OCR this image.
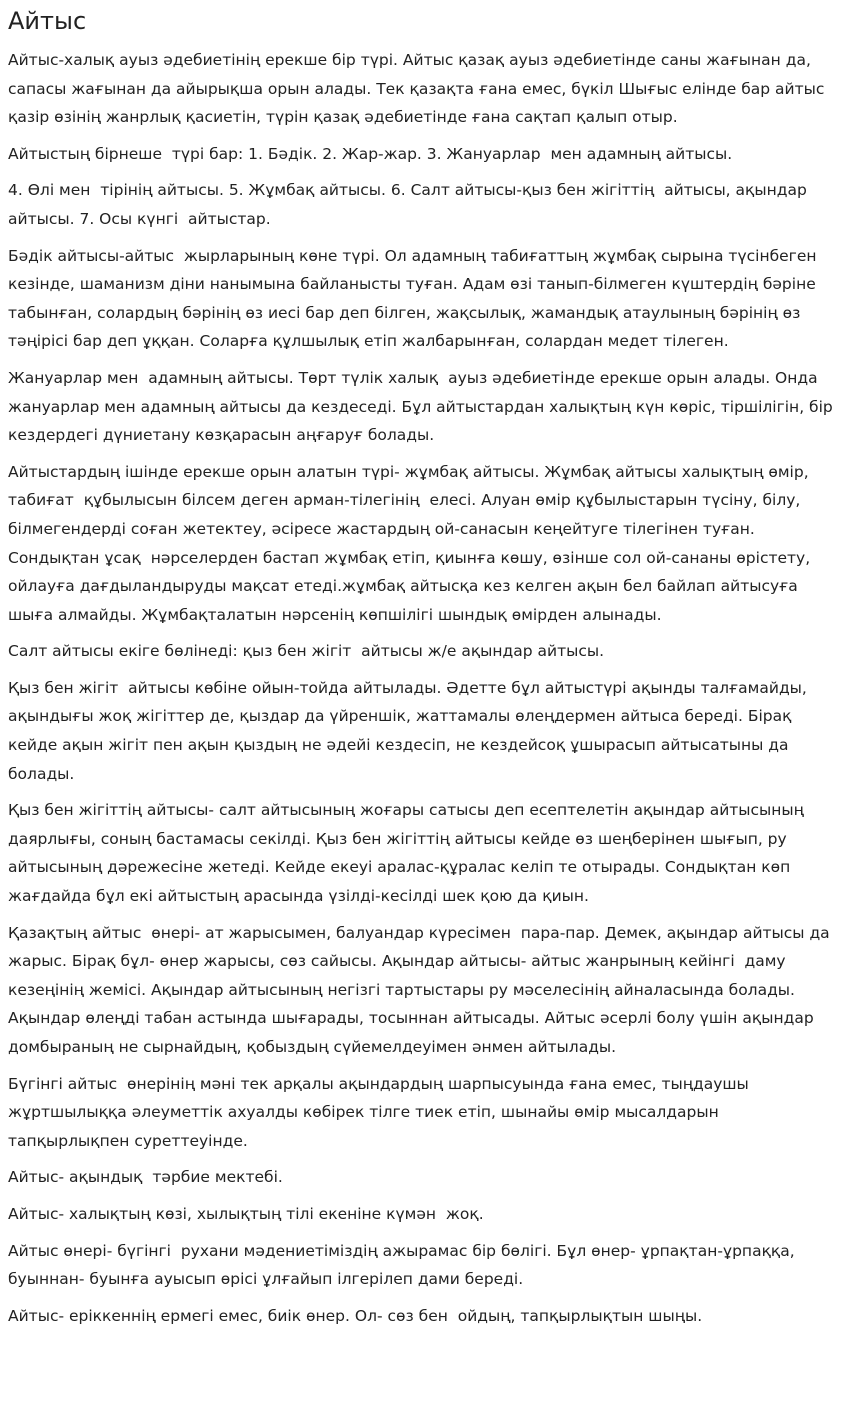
Айтыс

Айтыс-халық ауыз әдебиетінің ерекше бір түрі. Айтыс қазақ ауыз әдебиетінде саны жағынан да, сапасы жағынан да айырықша орын алады. Тек қазақта ғана емес, бүкіл Шығыс елінде бар айтыс қазір өзінің жанрлық қасиетін, түрін қазақ әдебиетінде ғана сақтап қалып отыр.

Айтыстың бірнеше  түрі бар: 1. Бәдік. 2. Жар-жар. 3. Жануарлар  мен адамның айтысы.

4. Өлі мен  тірінің айтысы. 5. Жұмбақ айтысы. 6. Салт айтысы-қыз бен жігіттің  айтысы, ақындар айтысы. 7. Осы күнгі  айтыстар.

Бәдік айтысы-айтыс  жырларының көне түрі. Ол адамның табиғаттың жұмбақ сырына түсінбеген кезінде, шаманизм діни нанымына байланысты туған. Адам өзі танып-білмеген күштердің бәріне табынған, солардың бәрінің өз иесі бар деп білген, жақсылық, жамандық атаулының бәрінің өз тәңірісі бар деп ұққан. Соларға құлшылық етіп жалбарынған, солардан медет тілеген.

Жануарлар мен  адамның айтысы. Төрт түлік халық  ауыз әдебиетінде ерекше орын алады. Онда жануарлар мен адамның айтысы да кездеседі. Бұл айтыстардан халықтың күн көріс, тіршілігін, бір кездердегі дүниетану көзқарасын аңғаруғ болады.

Айтыстардың ішінде ерекше орын алатын түрі- жұмбақ айтысы. Жұмбақ айтысы халықтың өмір, табиғат  құбылысын білсем деген арман-тілегінің  елесі. Алуан өмір құбылыстарын түсіну, білу, білмегендерді соған жетектеу, әсіресе жастардың ой-санасын кеңейтуге тілегінен туған. Сондықтан ұсақ  нәрселерден бастап жұмбақ етіп, қиынға көшу, өзінше сол ой-сананы өрістету, ойлауға дағдыландыруды мақсат етеді.жұмбақ айтысқа кез келген ақын бел байлап айтысуға шыға алмайды. Жұмбақталатын нәрсенің көпшілігі шындық өмірден алынады.

Салт айтысы екіге бөлінеді: қыз бен жігіт  айтысы ж/е ақындар айтысы.

Қыз бен жігіт  айтысы көбіне ойын-тойда айтылады. Әдетте бұл айтыстүрі ақынды талғамайды, ақындығы жоқ жігіттер де, қыздар да үйреншік, жаттамалы өлеңдермен айтыса береді. Бірақ кейде ақын жігіт пен ақын қыздың не әдейі кездесіп, не кездейсоқ ұшырасып айтысатыны да болады.

Қыз бен жігіттің айтысы- салт айтысының жоғары сатысы деп есептелетін ақындар айтысының даярлығы, соның бастамасы секілді. Қыз бен жігіттің айтысы кейде өз шеңберінен шығып, ру айтысының дәрежесіне жетеді. Кейде екеуі аралас-құралас келіп те отырады. Сондықтан көп жағдайда бұл екі айтыстың арасында үзілді-кесілді шек қою да қиын.

Қазақтың айтыс  өнері- ат жарысымен, балуандар күресімен  пара-пар. Демек, ақындар айтысы да жарыс. Бірақ бұл- өнер жарысы, сөз сайысы. Ақындар айтысы- айтыс жанрының кейінгі  даму кезеңінің жемісі. Ақындар айтысының негізгі тартыстары ру мәселесінің айналасында болады. Ақындар өлеңді табан астында шығарады, тосыннан айтысады. Айтыс әсерлі болу үшін ақындар домбыраның не сырнайдың, қобыздың сүйемелдеуімен әнмен айтылады.

Бүгінгі айтыс  өнерінің мәні тек арқалы ақындардың шарпысуында ғана емес, тыңдаушы жұртшылыққа әлеуметтік ахуалды көбірек тілге тиек етіп, шынайы өмір мысалдарын тапқырлықпен суреттеуінде.

Айтыс- ақындық  тәрбие мектебі.

Айтыс- халықтың көзі, хылықтың тілі екеніне күмән  жоқ.

Айтыс өнері- бүгінгі  рухани мәдениетіміздің ажырамас бір бөлігі. Бұл өнер- ұрпақтан-ұрпаққа, буыннан- буынға ауысып өрісі ұлғайып ілгерілеп дами береді.

Айтыс- еріккеннің ермегі емес, биік өнер. Ол- сөз бен  ойдың, тапқырлықтын шыңы.
